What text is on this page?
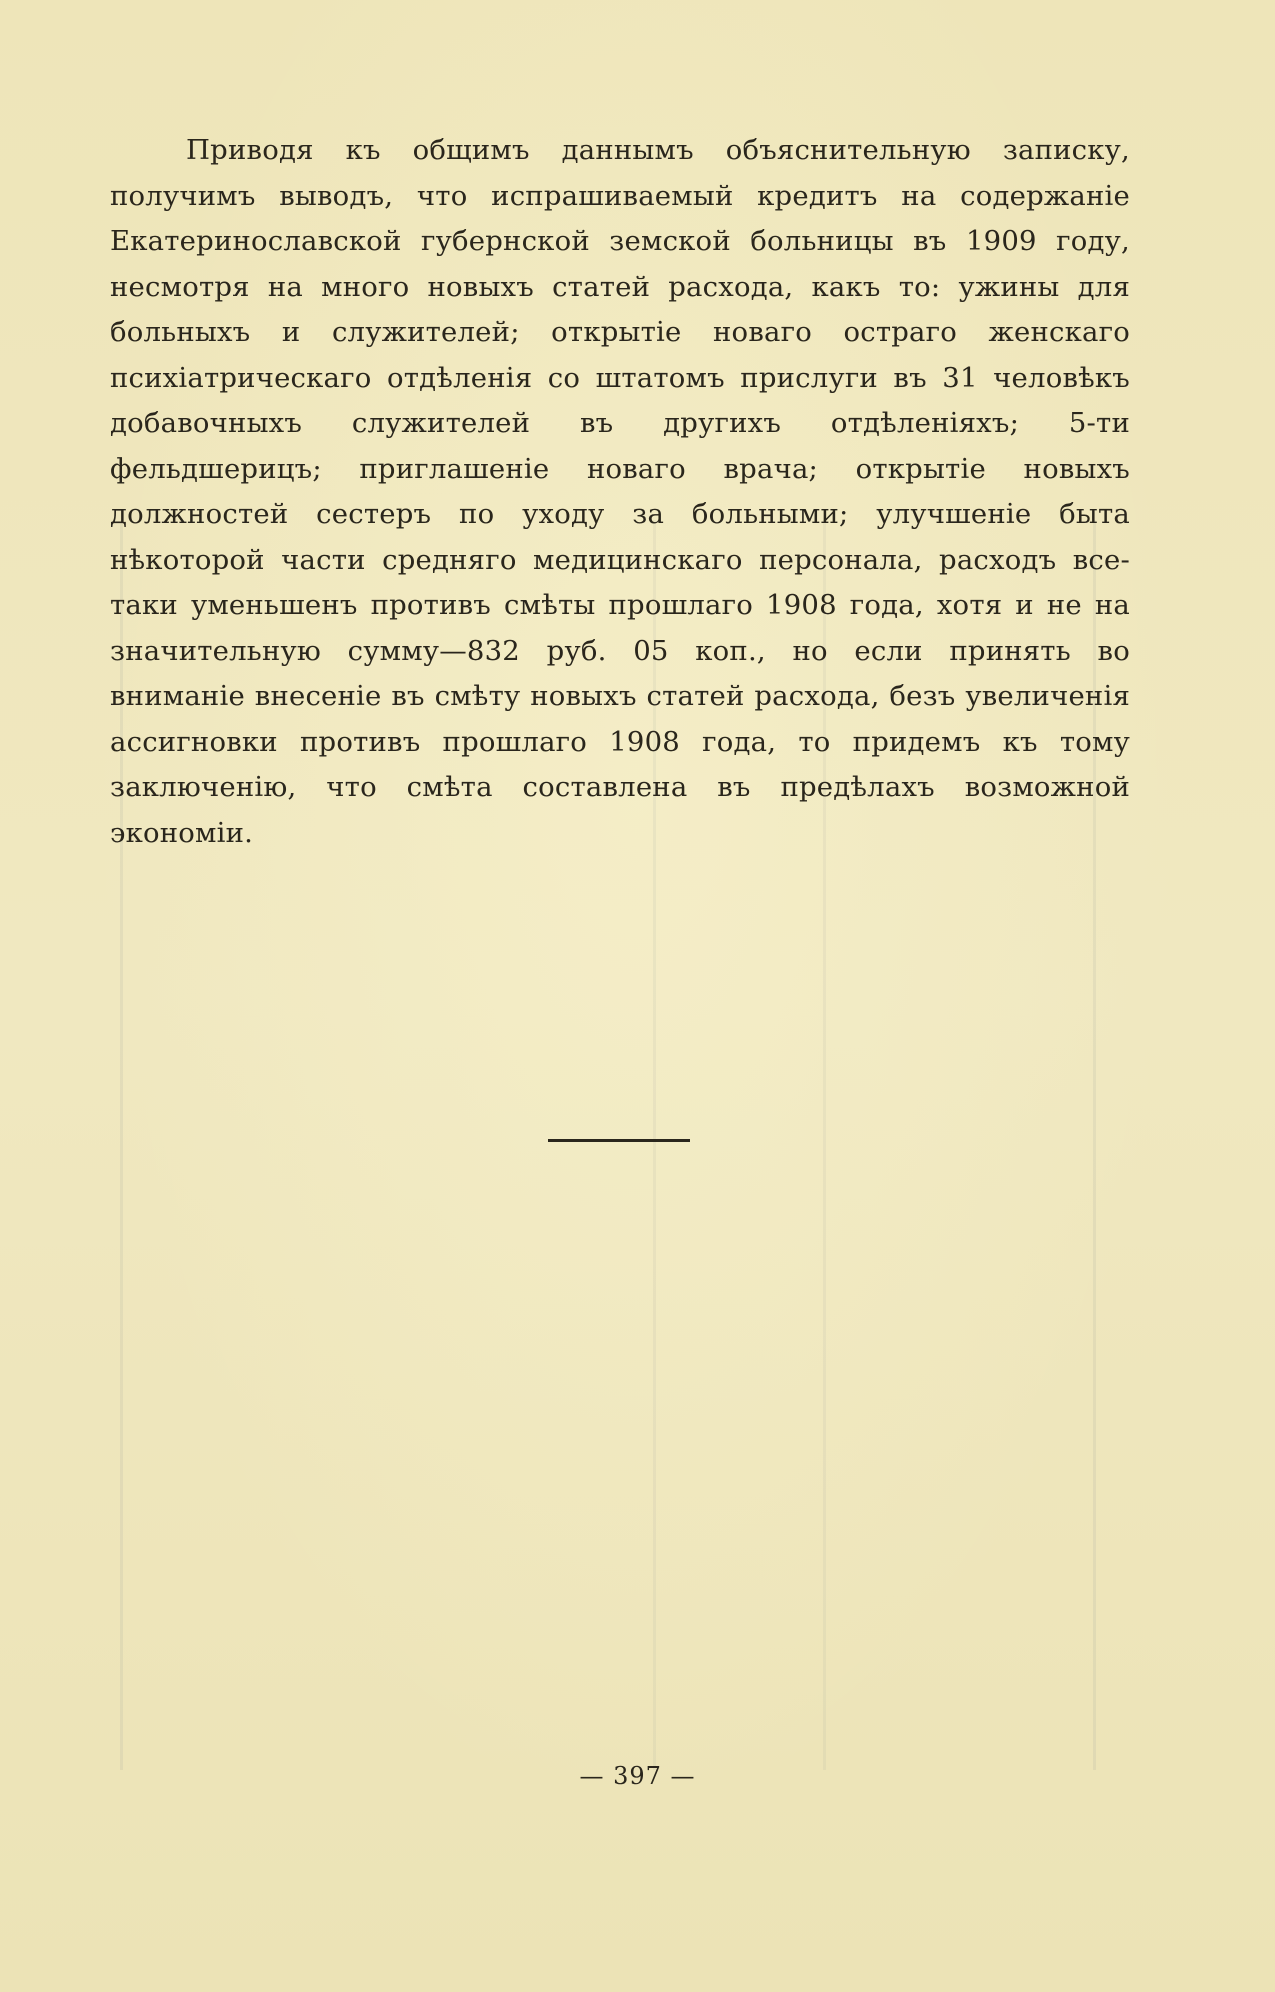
Приводя къ общимъ даннымъ объяснительную записку, получимъ выводъ, что испрашиваемый кредитъ на содержанiе Екатеринославской губернской земской больницы въ 1909 году, несмотря на много новыхъ статей расхода, какъ то: ужины для больныхъ и служителей; открытiе новаго остраго женскаго психiатрическаго отдѣленiя со штатомъ прислуги въ 31 человѣкъ добавочныхъ служителей въ другихъ отдѣленiяхъ; 5-ти фельдшерицъ; приглашенiе новаго врача; открытiе новыхъ должностей сестеръ по уходу за больными; улучшенiе быта нѣкоторой части средняго медицинскаго персонала, расходъ все-таки уменьшенъ противъ смѣты прошлаго 1908 года, хотя и не на значительную сумму—832 руб. 05 коп., но если принять во вниманiе внесенiе въ смѣту новыхъ статей расхода, безъ увеличенiя ассигновки противъ прошлаго 1908 года, то придемъ къ тому заключенiю, что смѣта составлена въ предѣлахъ возможной экономiи.

— 397 —
